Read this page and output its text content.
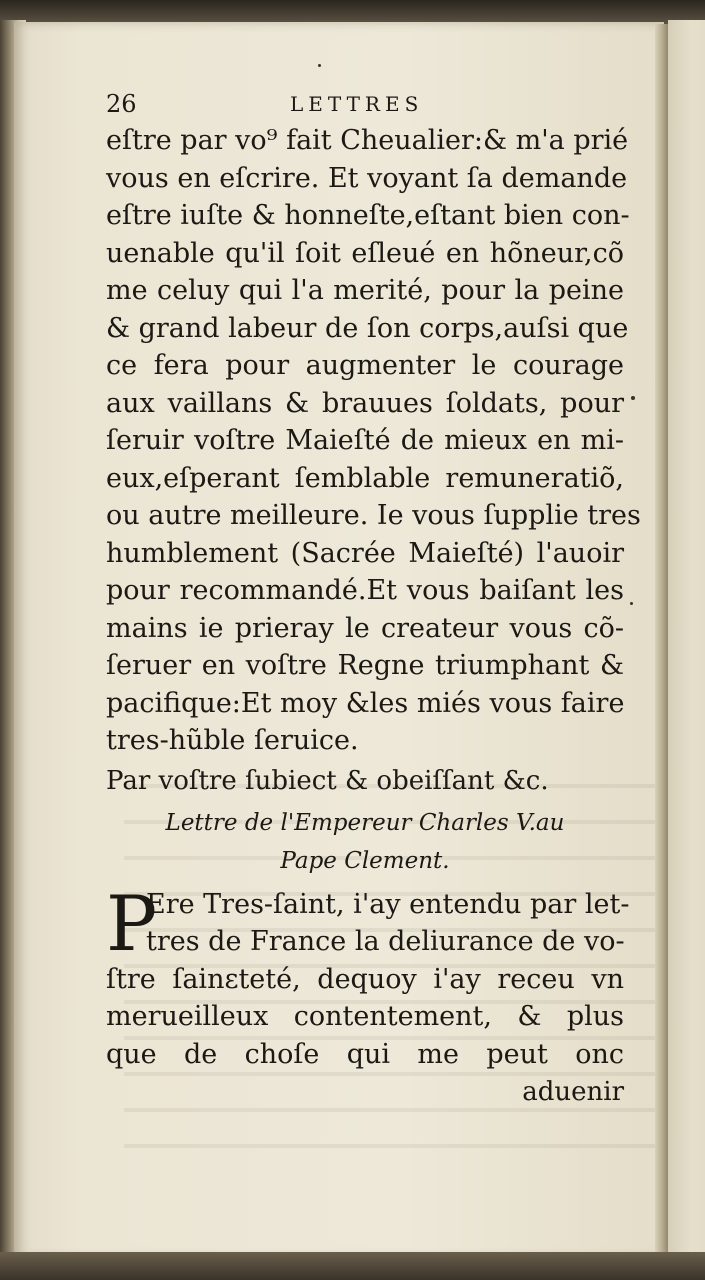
26	LETTRES
eſtre par vo⁹ fait Cheualier:& m'a prié
vous en eſcrire. Et voyant ſa demande
eſtre iuſte & honneſte,eſtant bien con-
uenable qu'il ſoit eſleué en hõneur,cõ
me celuy qui l'a merité, pour la peine
& grand labeur de ſon corps,auſsi que
ce fera pour augmenter le courage
aux vaillans & brauues ſoldats, pour
ſeruir voſtre Maieſté de mieux en mi-
eux,eſperant ſemblable remuneratiõ,
ou autre meilleure. Ie vous ſupplie tres
humblement (Sacrée Maieſté) l'auoir
pour recommandé.Et vous baiſant les
mains ie prieray le createur vous cõ-
ſeruer en voſtre Regne triumphant &
pacifique:Et moy &les miés vous faire
tres-hũble ſeruice.
Par voſtre ſubiect & obeiſſant &c.
Lettre de l'Empereur Charles V.au
Pape Clement.
P
Ere Tres-ſaint, i'ay entendu par let-
tres de France la deliurance de vo-
ſtre ſainɛteté, dequoy i'ay receu vn
merueilleux contentement, & plus
que de choſe qui me peut onc
aduenir
